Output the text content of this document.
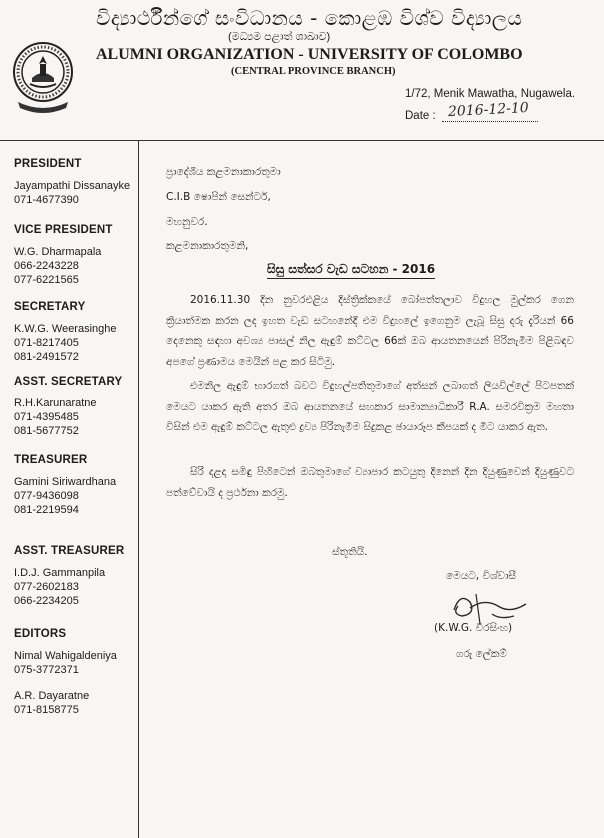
විද්‍යාර්ථීන්ගේ සංවිධානය - කොළඹ විශ්ව විද්‍යාලය
(මධ්‍යම පළාත් ශාඛාව)
ALUMNI ORGANIZATION - UNIVERSITY OF COLOMBO
(CENTRAL PROVINCE BRANCH)
1/72, Menik Mawatha, Nugawela.
Date : 2016-12-10
PRESIDENT
Jayampathi Dissanayke
071-4677390
VICE PRESIDENT
W.G. Dharmapala
066-2243228
077-6221565
SECRETARY
K.W.G. Weerasinghe
071-8217405
081-2491572
ASST. SECRETARY
R.H.Karunaratne
071-4395485
081-5677752
TREASURER
Gamini Siriwardhana
077-9436098
081-2219594
ASST. TREASURER
I.D.J. Gammanpila
077-2602183
066-2234205
EDITORS
Nimal Wahigaldeniya
075-3772371
A.R. Dayaratne
071-8158775
ප්‍රාදේශීය කළමනාකාරතුමා
C.I.B ෂොපින් සෙන්ටර්,
මහනුවර.
කළමනාකාරතුමනි,
සිසු සත්සර වැඩ සටහන - 2016
2016.11.30 දින නුවරඑළිය දිස්ත්‍රික්කයේ බෝපත්තලාව විදුහල මුල්කර ගෙන ක්‍රියාත්මක කරන ලද ඉහත වැඩ සටහනේදී එම විදුහලේ ඉගෙනුම ලැබූ සිසු දරු දැරියන් 66 දෙනෙකු සඳහා අවශ්‍ය පාසල් නිල ඇඳුම් කට්ටල 66ක් ඔබ ආයතනයෙන් පිරිනැමීම පිළිබඳව අපගේ ප්‍රණාමය මෙයින් පළ කර සිටිමු.
එමනිල ඇඳුම් භාරගත් බවට විදුහල්පතිතුමාගේ අත්සන් ලබාගත් ලියවිල්ලේ පිටපතක් මෙයට යාකර ඇති අතර ඔබ ආයතනයේ සහකාර සාමාන්‍යාධිකාරී R.A. සමරවික්‍රම මහතා විසින් එම ඇඳුම් කට්ටල ඇතුළු ද්‍රව්‍ය පිරිනැමීම සිදුකළ ඡායාරූප කීපයක් ද මීට යාකර ඇත.
සිරි දළදා සමිඳු පිහිටෙන් ඔබතුමාගේ ව්‍යාපාර කටයුතු දිනෙන් දින දියුණුවෙන් දියුණුවට පත්වේවායි ද ප්‍රර්ථනා කරමු.
ස්තූතියි.
මෙයට, විශ්වාසී
(K.W.G. වීරසිංහ)
ගරු ලේකම්
